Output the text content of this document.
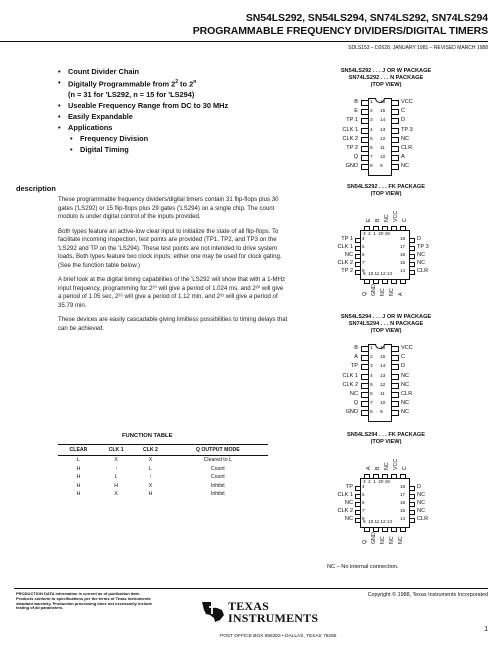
SN54LS292, SN54LS294, SN74LS292, SN74LS294
PROGRAMMABLE FREQUENCY DIVIDERS/DIGITAL TIMERS
SDLS153 – D2628, JANUARY 1981 – REVISED MARCH 1988
• Count Divider Chain
• Digitally Programmable from $2^2$ to 2$^n$
(n = 31 for 'LS292, n = 15 for 'LS294)
• Useable Frequency Range from DC to 30 MHz
• Easily Expandable
• Applications
• Frequency Division
• Digital Timing
description

These programmable frequency dividers/digital timers contain 31 flip-flops plus 30 gates ('LS292) or 15 flip-flops plus 29 gates ('LS294) on a single chip. The count modulo is under digital control of the inputs provided.

Both types feature an active-low clear input to initialize the state of all flip-flops. To facilitate incoming inspection, test points are provided (TP1, TP2, and TP3 on the 'LS292 and TP on the 'LS294). These test points are not intended to drive system loads. Both types feature two clock inputs; either one may be used for clock gating. (See the function table below.)

A brief look at the digital timing capabilities of the 'LS292 will show that with a 1-MHz input frequency, programming for 2¹⁰ will give a period of 1.024 ms, and 2²⁰ will give a period of 1.05 sec, 2²⁶ will give a period of 1.12 min, and 2³¹ will give a period of 35.79 min.

These devices are easily cascadable giving limitless possibilities to timing delays that can be achieved.

FUNCTION TABLE
CLEAR	CLK 1	CLK 2	Q OUTPUT MODE
L	X	X	Cleared to L
H	↑	L	Count
H	L	↑	Count
H	H	X	Inhibit
H	X	H	Inhibit
SN54LS292 . . . J OR W PACKAGE
SN74LS292 . . . N PACKAGE
(TOP VIEW)
B	1 16	VCC
E	2 15	C
TP 1	3 14	D
CLK 1	4 13	TP 3
CLK 2	5 12	NC
TP 2	6 11	CLR
Q	7 10	A
GND	8 9	NC
SN54LS292 . . . FK PACKAGE
(TOP VIEW)
E B NC VCC C
3  2  1  20 19
TP 1 4	18 D
CLK 1 5	17 TP 3
NC 6	16 NC
CLK 2 7	15 NC
TP 2 8	14 CLR
9  10 11 12 13
Q GND NC NC A
SN54LS294 . . . J OR W PACKAGE
SN74LS294 . . . N PACKAGE
(TOP VIEW)
B	1 16	VCC
A	2 15	C
TP	3 14	D
CLK 1	4 13	NC
CLK 2	5 12	NC
NC	6 11	CLR
Q	7 10	NC
GND	8 9	NC
SN54LS294 . . . FK PACKAGE
(TOP VIEW)
A B NC VCC C
3  2  1  20 19
TP 4	18 D
CLK 1 5	17 NC
NC 6	16 NC
CLK 2 7	15 NC
NC 8	14 CLR
9  10 11 12 13
Q GND NC NC NC
NC – No internal connection.
PRODUCTION DATA information is current as of publication date. Products conform to specifications per the terms of Texas Instruments standard warranty. Production processing does not necessarily include testing of all parameters.
Copyright © 1988, Texas Instruments Incorporated
TEXAS
INSTRUMENTS
POST OFFICE BOX 655303 • DALLAS, TEXAS 75265
1
